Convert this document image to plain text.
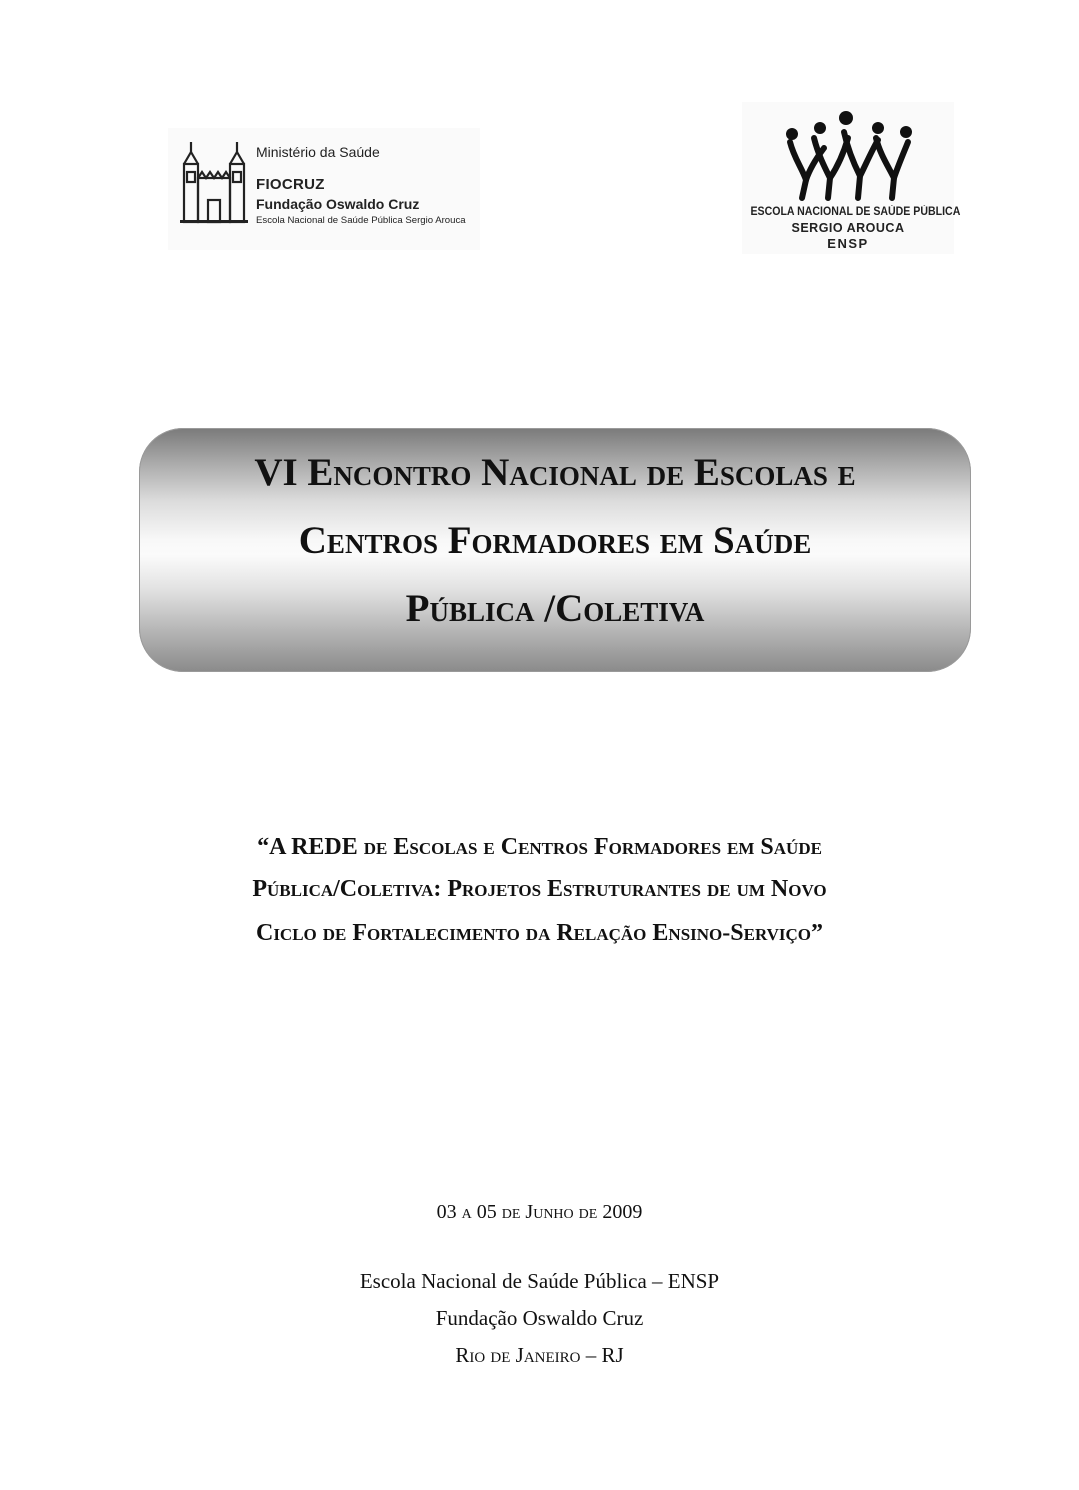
Ministério da Saúde
FIOCRUZ
Fundação Oswaldo Cruz
Escola Nacional de Saúde Pública Sergio Arouca
ESCOLA NACIONAL DE SAÚDE PÚBLICA
SERGIO AROUCA
ENSP
VI Encontro Nacional de Escolas e
Centros Formadores em Saúde
Pública /Coletiva
“A REDE de Escolas e Centros Formadores em Saúde
Pública/Coletiva: Projetos Estruturantes de um Novo
Ciclo de Fortalecimento da Relação Ensino-Serviço”
03 a 05 de Junho de 2009
Escola Nacional de Saúde Pública – ENSP
Fundação Oswaldo Cruz
Rio de Janeiro – RJ
